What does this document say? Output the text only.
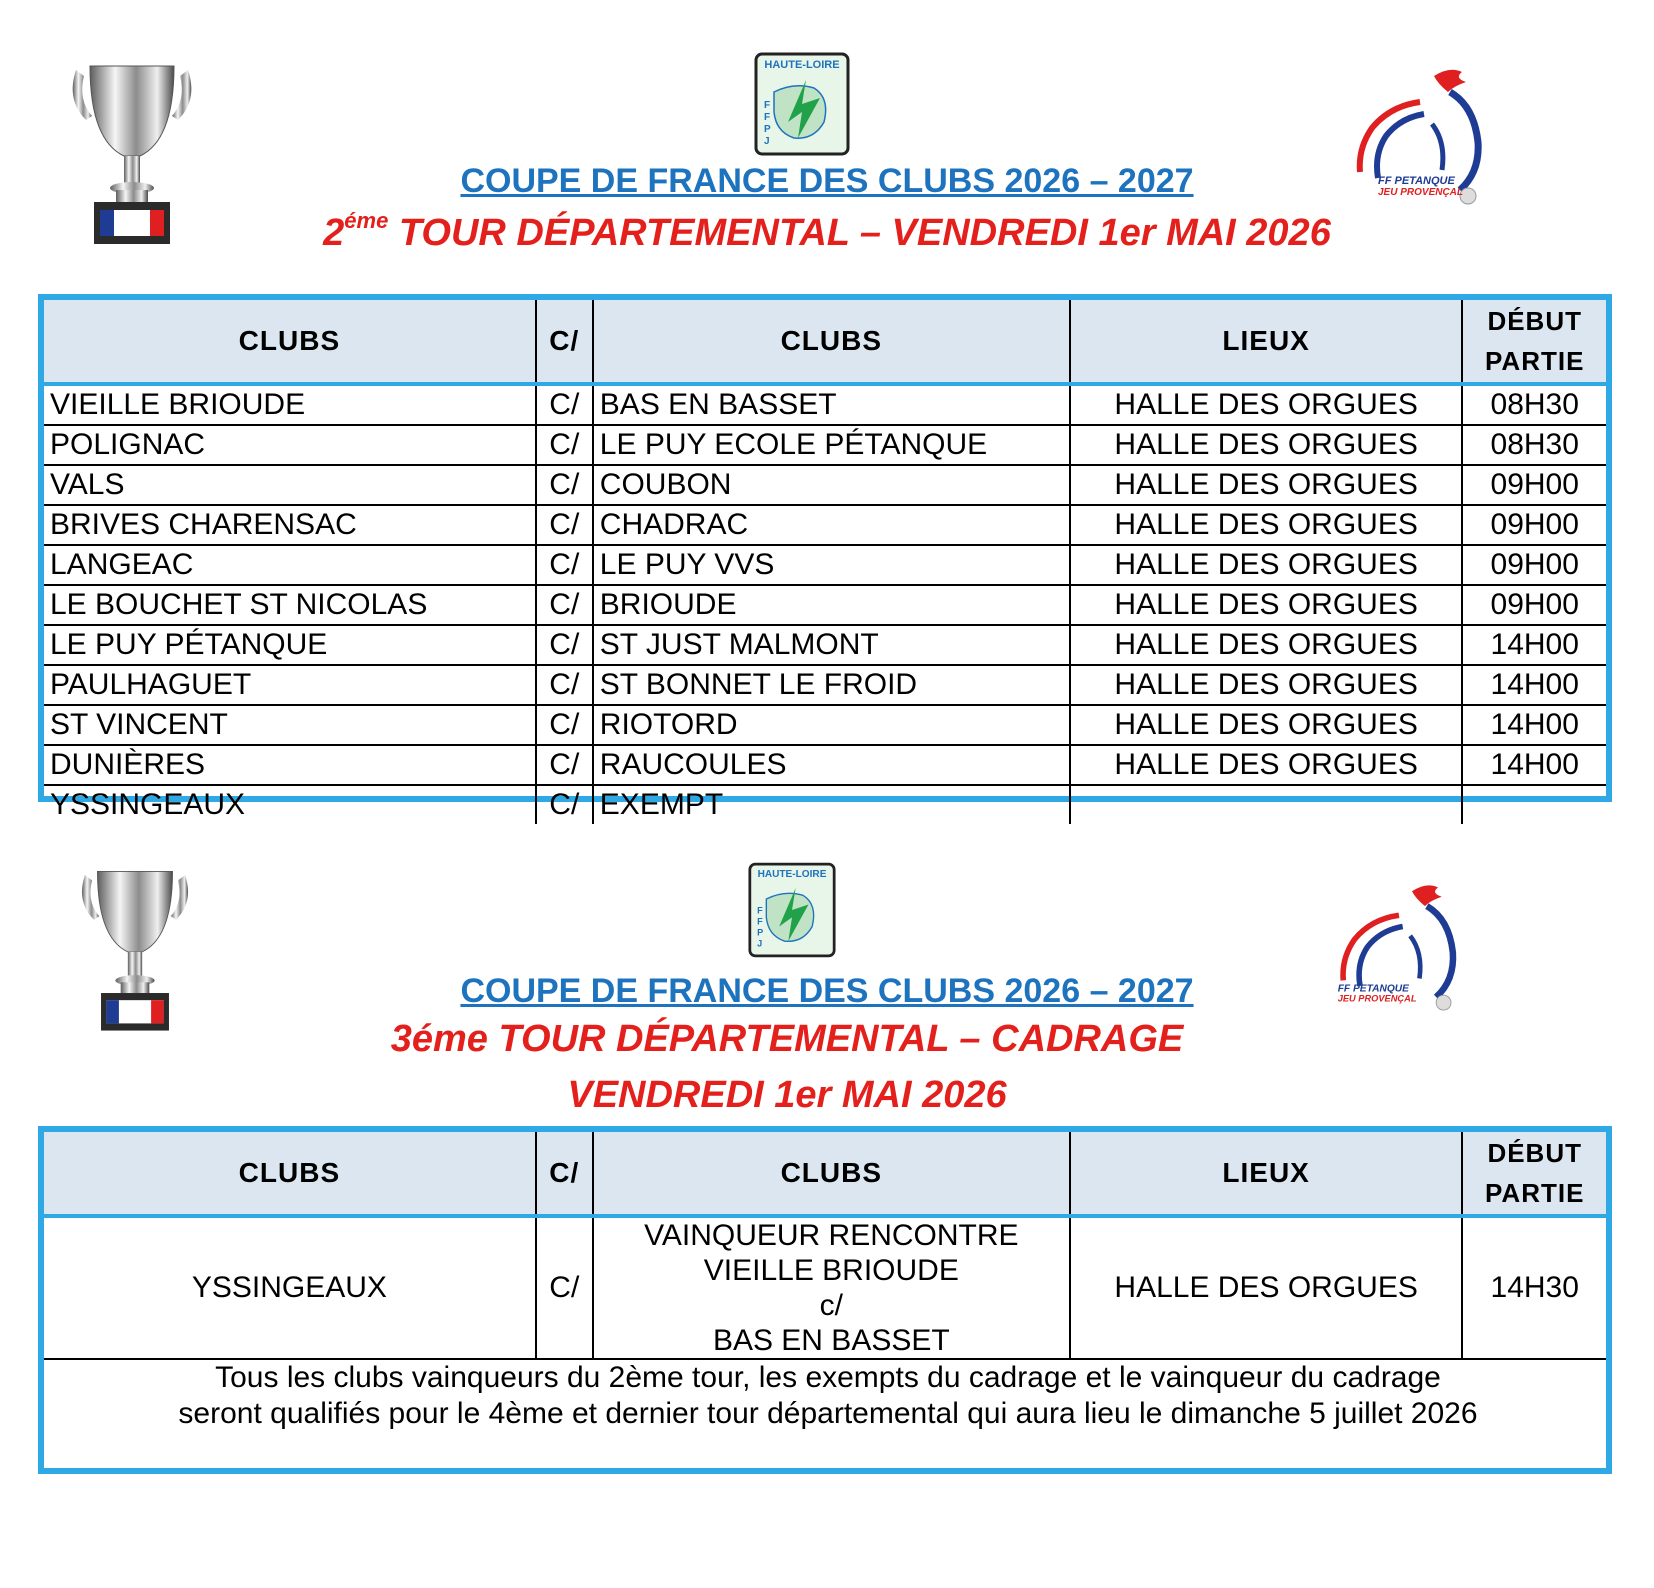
HAUTE-LOIRE
F
F
P
J
FF PETANQUE
JEU PROVENÇAL
COUPE DE FRANCE DES CLUBS 2026 – 2027
$2^{éme}$ TOUR DÉPARTEMENTAL – VENDREDI 1er MAI 2026
CLUBS	C/	CLUBS	LIEUX	DÉBUT
PARTIE

VIEILLE BRIOUDE	C/	BAS EN BASSET	HALLE DES ORGUES	08H30
POLIGNAC	C/	LE PUY ECOLE PÉTANQUE	HALLE DES ORGUES	08H30
VALS	C/	COUBON	HALLE DES ORGUES	09H00
BRIVES CHARENSAC	C/	CHADRAC	HALLE DES ORGUES	09H00
LANGEAC	C/	LE PUY VVS	HALLE DES ORGUES	09H00
LE BOUCHET ST NICOLAS	C/	BRIOUDE	HALLE DES ORGUES	09H00
LE PUY PÉTANQUE	C/	ST JUST MALMONT	HALLE DES ORGUES	14H00
PAULHAGUET	C/	ST BONNET LE FROID	HALLE DES ORGUES	14H00
ST VINCENT	C/	RIOTORD	HALLE DES ORGUES	14H00
DUNIÈRES	C/	RAUCOULES	HALLE DES ORGUES	14H00
YSSINGEAUX	C/	EXEMPT		
HAUTE-LOIRE
F
F
P
J
FF PETANQUE
JEU PROVENÇAL
COUPE DE FRANCE DES CLUBS 2026 – 2027
3éme TOUR DÉPARTEMENTAL – CADRAGE
VENDREDI 1er MAI 2026
CLUBS	C/	CLUBS	LIEUX	DÉBUT
PARTIE

YSSINGEAUX	C/	VAINQUEUR RENCONTRE
VIEILLE BRIOUDE
c/
BAS EN BASSET	HALLE DES ORGUES	14H30

Tous les clubs vainqueurs du 2ème tour, les exempts du cadrage et le vainqueur du cadrage
seront qualifiés pour le 4ème et dernier tour départemental qui aura lieu le dimanche 5 juillet 2026				
